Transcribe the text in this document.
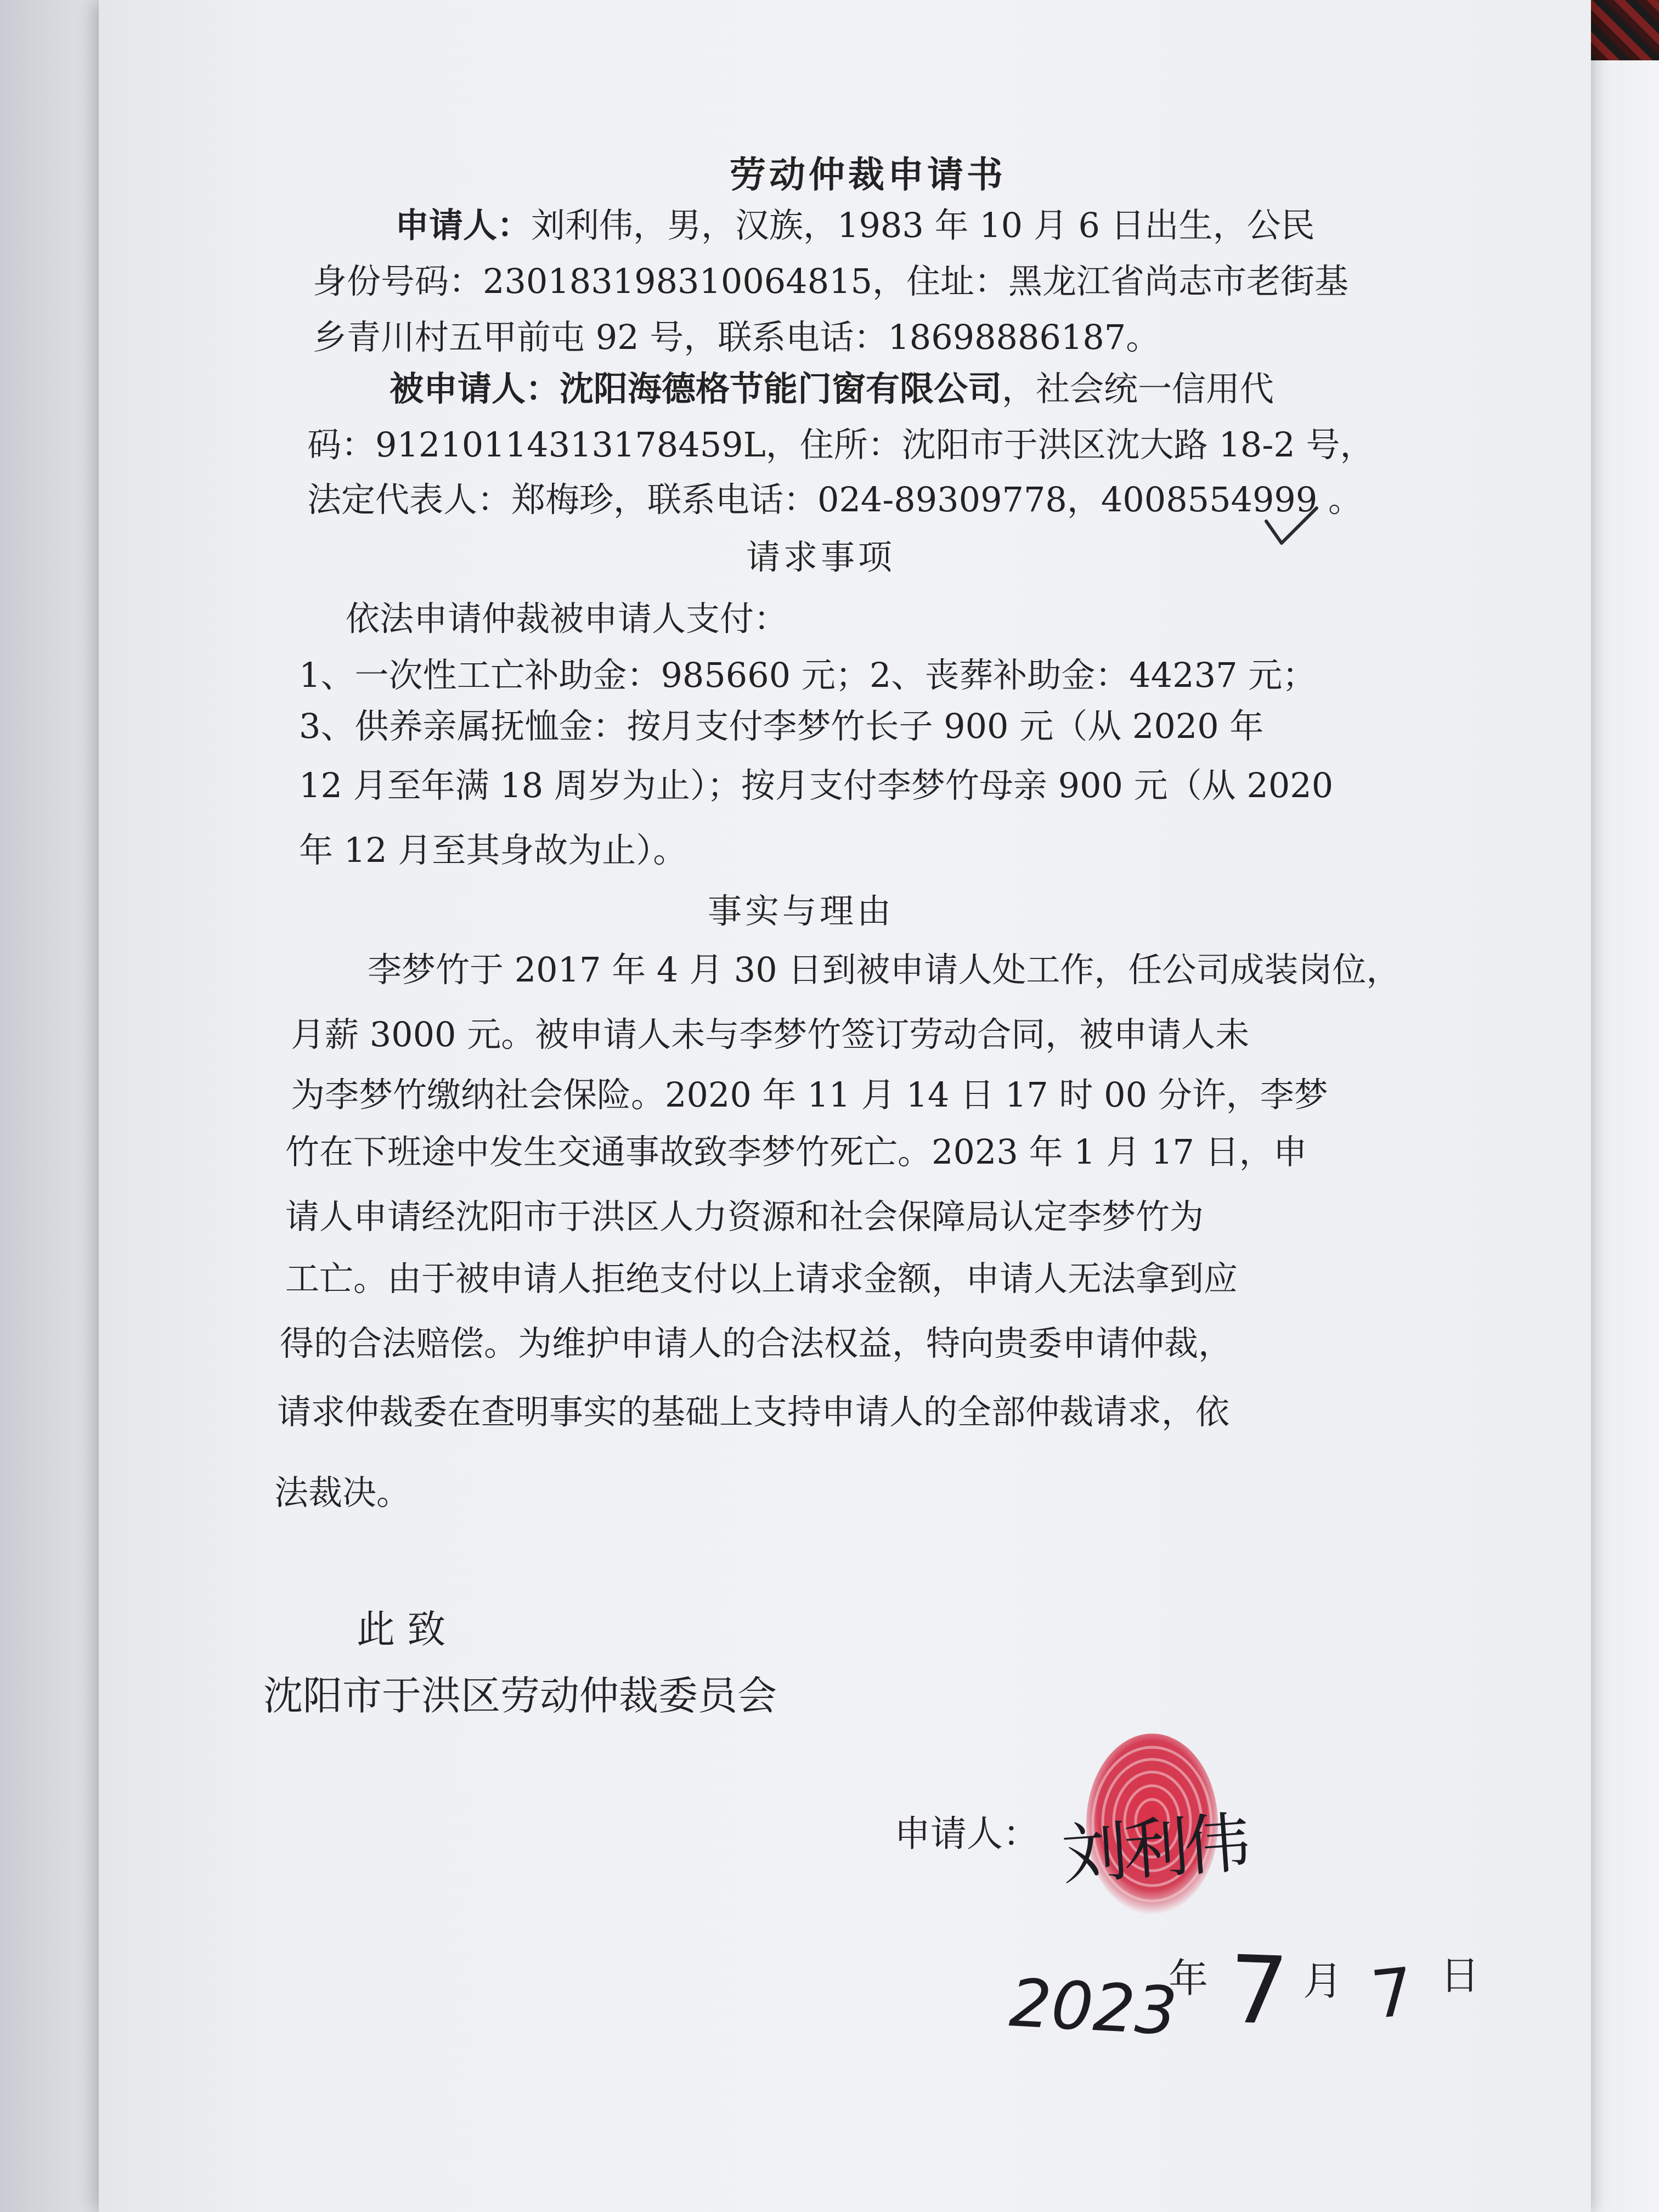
劳动仲裁申请书
申请人：刘利伟，男，汉族，1983 年 10 月 6 日出生，公民
身份号码：230183198310064815，住址：黑龙江省尚志市老街基
乡青川村五甲前屯 92 号，联系电话：18698886187。
被申请人：沈阳海德格节能门窗有限公司，社会统一信用代
码：91210114313178459L，住所：沈阳市于洪区沈大路 18-2 号，
法定代表人：郑梅珍，联系电话：024-89309778，4008554999 。
请求事项
依法申请仲裁被申请人支付：
1、一次性工亡补助金：985660 元；2、丧葬补助金：44237 元；
3、供养亲属抚恤金：按月支付李梦竹长子 900 元（从 2020 年
12 月至年满 18 周岁为止）；按月支付李梦竹母亲 900 元（从 2020
年 12 月至其身故为止）。
事实与理由
李梦竹于 2017 年 4 月 30 日到被申请人处工作，任公司成装岗位，
月薪 3000 元。被申请人未与李梦竹签订劳动合同，被申请人未
为李梦竹缴纳社会保险。2020 年 11 月 14 日 17 时 00 分许，李梦
竹在下班途中发生交通事故致李梦竹死亡。2023 年 1 月 17 日，申
请人申请经沈阳市于洪区人力资源和社会保障局认定李梦竹为
工亡。由于被申请人拒绝支付以上请求金额，申请人无法拿到应
得的合法赔偿。为维护申请人的合法权益，特向贵委申请仲裁，
请求仲裁委在查明事实的基础上支持申请人的全部仲裁请求，依
法裁决。
此 致
沈阳市于洪区劳动仲裁委员会
申请人： 刘利伟
2023
年 7 月 7 日
